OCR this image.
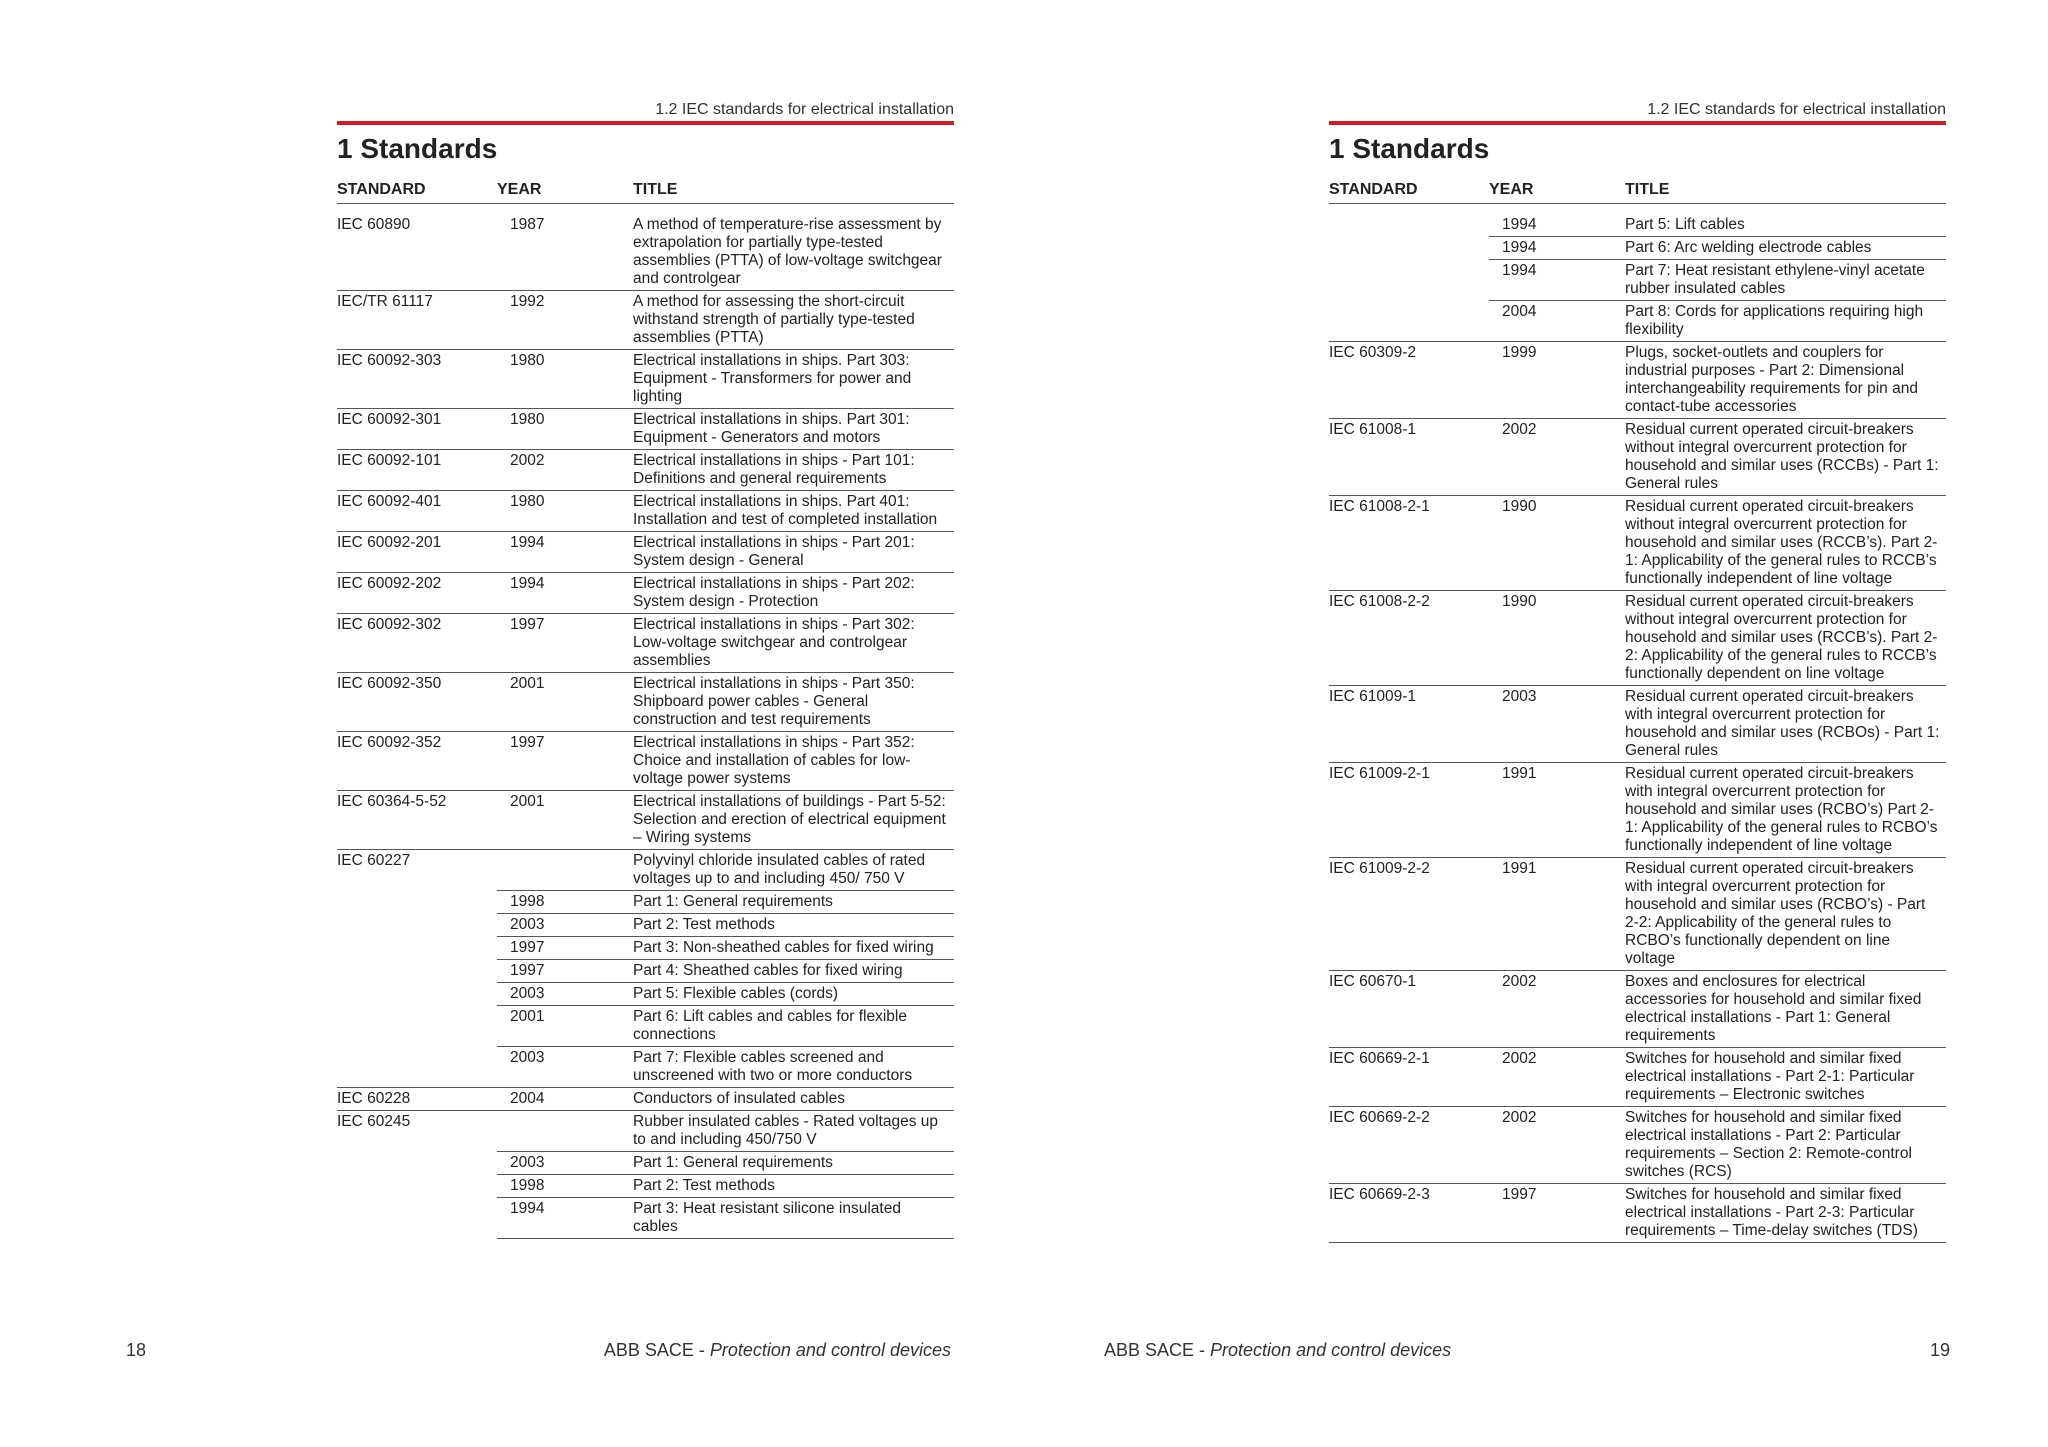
1.2 IEC standards for electrical installation
1 Standards
STANDARD	YEAR	TITLE
IEC 60890	1987	A method of temperature-rise assessment by extrapolation for partially type-tested assemblies (PTTA) of low-voltage switchgear and controlgear
IEC/TR 61117	1992	A method for assessing the short-circuit withstand strength of partially type-tested assemblies (PTTA)
IEC 60092-303	1980	Electrical installations in ships. Part 303: Equipment - Transformers for power and lighting
IEC 60092-301	1980	Electrical installations in ships. Part 301: Equipment - Generators and motors
IEC 60092-101	2002	Electrical installations in ships - Part 101: Definitions and general requirements
IEC 60092-401	1980	Electrical installations in ships. Part 401: Installation and test of completed installation
IEC 60092-201	1994	Electrical installations in ships - Part 201: System design - General
IEC 60092-202	1994	Electrical installations in ships - Part 202: System design - Protection
IEC 60092-302	1997	Electrical installations in ships - Part 302: Low-voltage switchgear and controlgear assemblies
IEC 60092-350	2001	Electrical installations in ships - Part 350: Shipboard power cables - General construction and test requirements
IEC 60092-352	1997	Electrical installations in ships - Part 352: Choice and installation of cables for low-voltage power systems
IEC 60364-5-52	2001	Electrical installations of buildings - Part 5-52: Selection and erection of electrical equipment – Wiring systems
IEC 60227		Polyvinyl chloride insulated cables of rated voltages up to and including 450/ 750 V
	1998	Part 1: General requirements
	2003	Part 2: Test methods
	1997	Part 3: Non-sheathed cables for fixed wiring
	1997	Part 4: Sheathed cables for fixed wiring
	2003	Part 5: Flexible cables (cords)
	2001	Part 6: Lift cables and cables for flexible connections
	2003	Part 7: Flexible cables screened and unscreened with two or more conductors
IEC 60228	2004	Conductors of insulated cables
IEC 60245		Rubber insulated cables - Rated voltages up to and including 450/750 V
	2003	Part 1: General requirements
	1998	Part 2: Test methods
	1994	Part 3: Heat resistant silicone insulated cables
18	ABB SACE - Protection and control devices
1.2 IEC standards for electrical installation
1 Standards
STANDARD	YEAR	TITLE
	1994	Part 5: Lift cables
	1994	Part 6: Arc welding electrode cables
	1994	Part 7: Heat resistant ethylene-vinyl acetate rubber insulated cables
	2004	Part 8: Cords for applications requiring high flexibility
IEC 60309-2	1999	Plugs, socket-outlets and couplers for industrial purposes - Part 2: Dimensional interchangeability requirements for pin and contact-tube accessories
IEC 61008-1	2002	Residual current operated circuit-breakers without integral overcurrent protection for household and similar uses (RCCBs) - Part 1: General rules
IEC 61008-2-1	1990	Residual current operated circuit-breakers without integral overcurrent protection for household and similar uses (RCCB’s). Part 2-1: Applicability of the general rules to RCCB’s functionally independent of line voltage
IEC 61008-2-2	1990	Residual current operated circuit-breakers without integral overcurrent protection for household and similar uses (RCCB’s). Part 2-2: Applicability of the general rules to RCCB’s functionally dependent on line voltage
IEC 61009-1	2003	Residual current operated circuit-breakers with integral overcurrent protection for household and similar uses (RCBOs) - Part 1: General rules
IEC 61009-2-1	1991	Residual current operated circuit-breakers with integral overcurrent protection for household and similar uses (RCBO’s) Part 2-1: Applicability of the general rules to RCBO’s functionally independent of line voltage
IEC 61009-2-2	1991	Residual current operated circuit-breakers with integral overcurrent protection for household and similar uses (RCBO’s) - Part 2-2: Applicability of the general rules to RCBO’s functionally dependent on line voltage
IEC 60670-1	2002	Boxes and enclosures for electrical accessories for household and similar fixed electrical installations - Part 1: General requirements
IEC 60669-2-1	2002	Switches for household and similar fixed electrical installations - Part 2-1: Particular requirements – Electronic switches
IEC 60669-2-2	2002	Switches for household and similar fixed electrical installations - Part 2: Particular requirements – Section 2: Remote-control switches (RCS)
IEC 60669-2-3	1997	Switches for household and similar fixed electrical installations - Part 2-3: Particular requirements – Time-delay switches (TDS)
ABB SACE - Protection and control devices	19
